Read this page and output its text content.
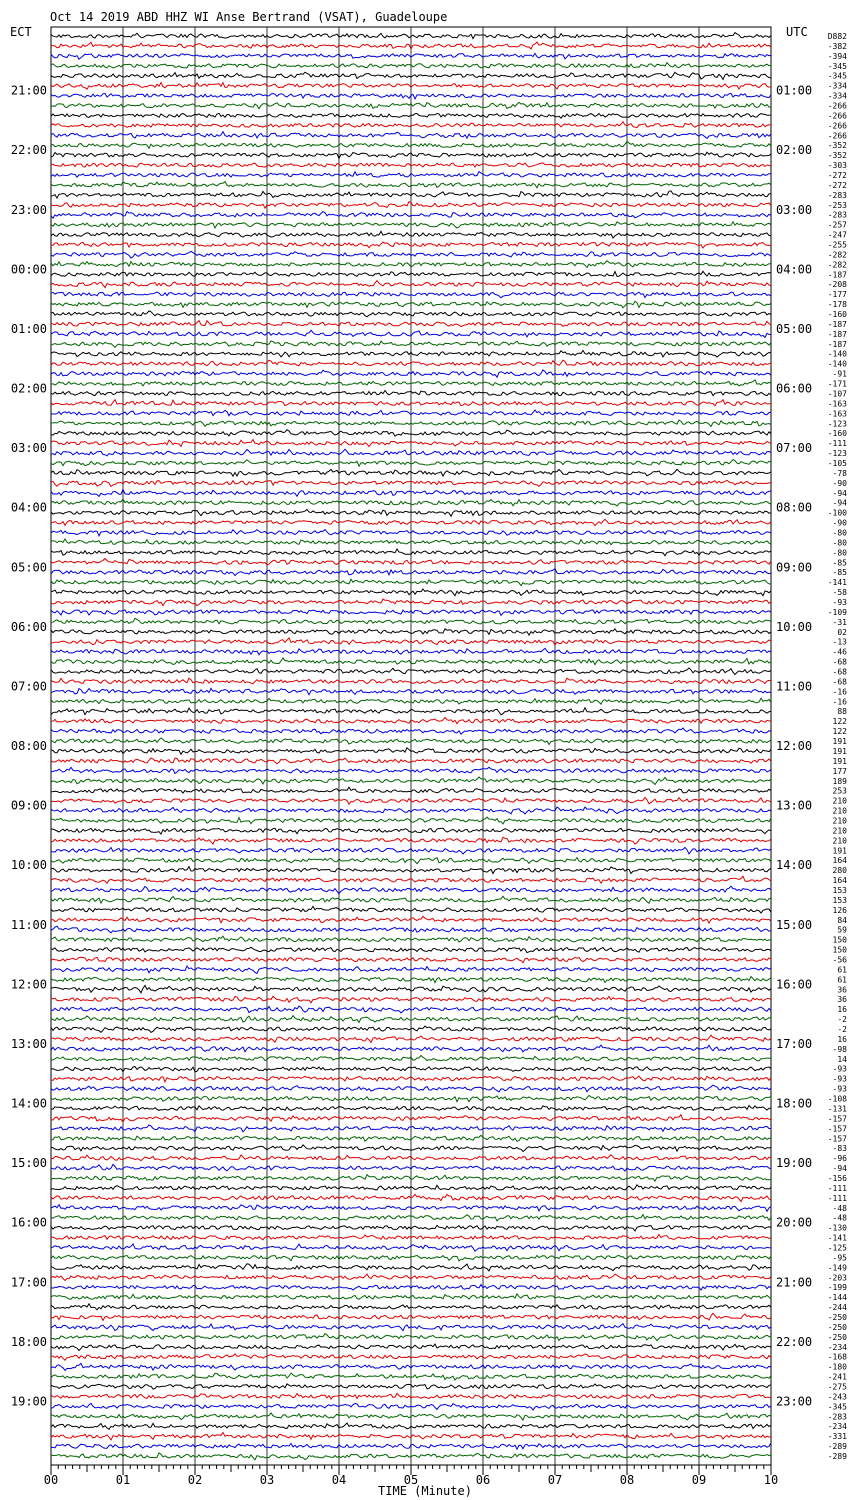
Oct 14 2019 ABD HHZ WI Anse Bertrand (VSAT), Guadeloupe
ECT	UTC
21:00
22:00
23:00
00:00
01:00
02:00
03:00
04:00
05:00
06:00
07:00
08:00
09:00
10:00
11:00
12:00
13:00
14:00
15:00
16:00
17:00
18:00
19:00
01:00
02:00
03:00
04:00
05:00
06:00
07:00
08:00
09:00
10:00
11:00
12:00
13:00
14:00
15:00
16:00
17:00
18:00
19:00
20:00
21:00
22:00
23:00
D882
-382
-394
-345
-345
-334
-334
-266
-266
-266
-266
-352
-352
-303
-272
-272
-283
-253
-283
-257
-247
-255
-282
-282
-187
-208
-177
-178
-160
-187
-187
-187
-140
-140
-91
-171
-107
-163
-163
-123
-160
-111
-123
-105
-78
-90
-94
-94
-100
-90
-80
-80
-80
-85
-85
-141
-58
-93
-109
-31
02
-13
-46
-68
-68
-68
-16
-16
88
122
122
191
191
191
177
189
253
210
210
210
210
210
191
164
280
164
153
153
126
84
59
150
150
-56
61
61
36
36
16
-2
-2
16
-98
14
-93
-93
-93
-108
-131
-157
-157
-157
-83
-96
-94
-156
-111
-111
-48
-48
-130
-141
-125
-95
-149
-203
-199
-144
-244
-250
-250
-250
-234
-168
-180
-241
-275
-243
-345
-283
-234
-331
-289
-289
00	01	02	03	04	05	06	07	08	09	10
TIME (Minute)
